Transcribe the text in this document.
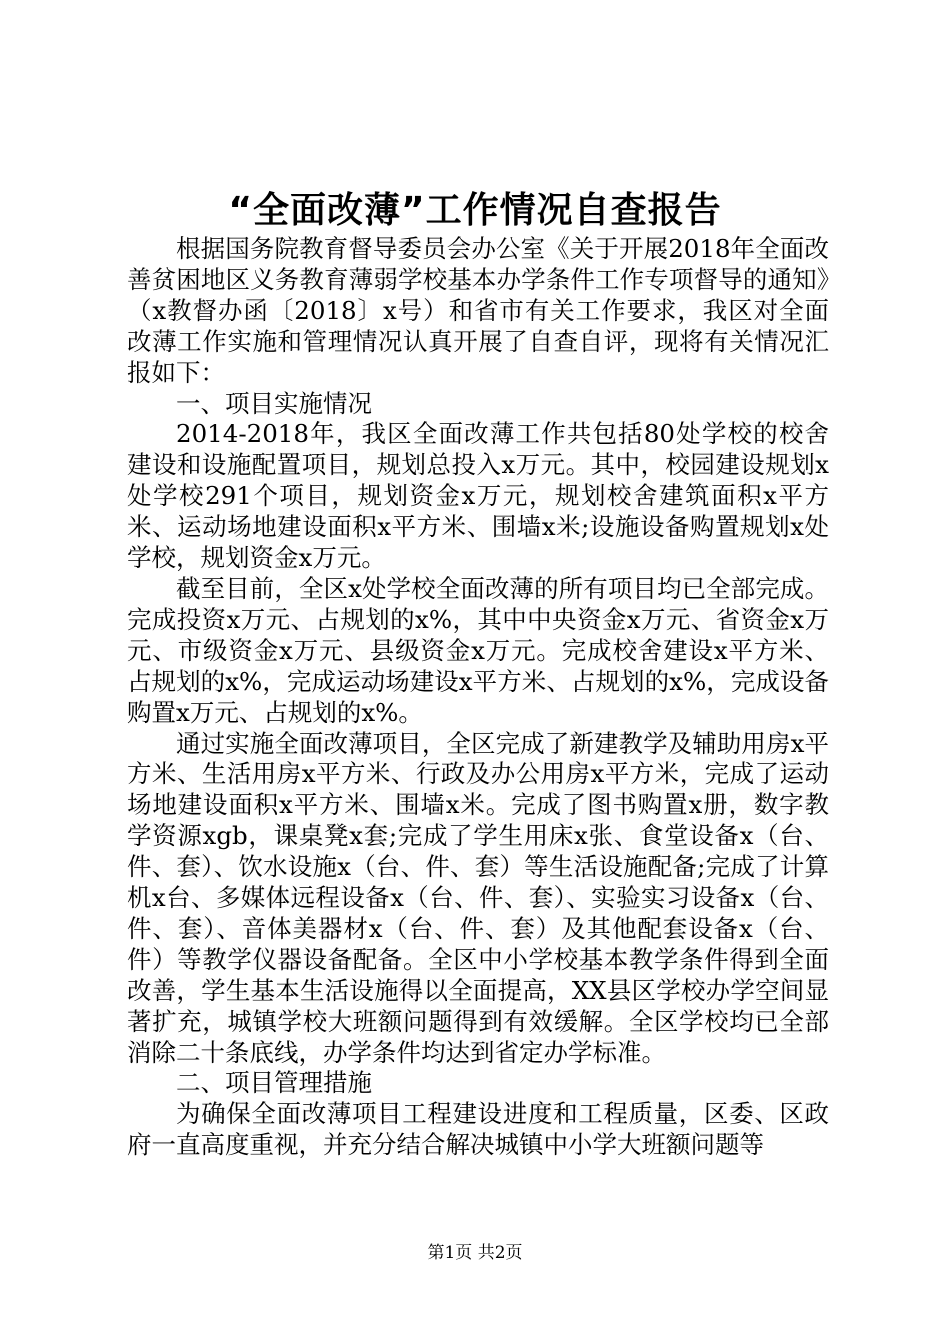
“全面改薄”工作情况自查报告

根据国务院教育督导委员会办公室《关于开展2018年全面改善贫困地区义务教育薄弱学校基本办学条件工作专项督导的通知》（x教督办函〔2018〕x号）和省市有关工作要求，我区对全面改薄工作实施和管理情况认真开展了自查自评，现将有关情况汇报如下：

一、项目实施情况

2014-2018年，我区全面改薄工作共包括80处学校的校舍建设和设施配置项目，规划总投入x万元。其中，校园建设规划x处学校291个项目，规划资金x万元，规划校舍建筑面积x平方米、运动场地建设面积x平方米、围墙x米;设施设备购置规划x处学校，规划资金x万元。

截至目前，全区x处学校全面改薄的所有项目均已全部完成。完成投资x万元、占规划的x%，其中中央资金x万元、省资金x万元、市级资金x万元、县级资金x万元。完成校舍建设x平方米、占规划的x%，完成运动场建设x平方米、占规划的x%，完成设备购置x万元、占规划的x%。

通过实施全面改薄项目，全区完成了新建教学及辅助用房x平方米、生活用房x平方米、行政及办公用房x平方米，完成了运动场地建设面积x平方米、围墙x米。完成了图书购置x册，数字教学资源xgb，课桌凳x套;完成了学生用床x张、食堂设备x（台、件、套）、饮水设施x（台、件、套）等生活设施配备;完成了计算机x台、多媒体远程设备x（台、件、套）、实验实习设备x（台、件、套）、音体美器材x（台、件、套）及其他配套设备x（台、件）等教学仪器设备配备。全区中小学校基本教学条件得到全面改善，学生基本生活设施得以全面提高，XX县区学校办学空间显著扩充，城镇学校大班额问题得到有效缓解。全区学校均已全部消除二十条底线，办学条件均达到省定办学标准。

二、项目管理措施

为确保全面改薄项目工程建设进度和工程质量，区委、区政府一直高度重视，并充分结合解决城镇中小学大班额问题等

第1页 共2页
